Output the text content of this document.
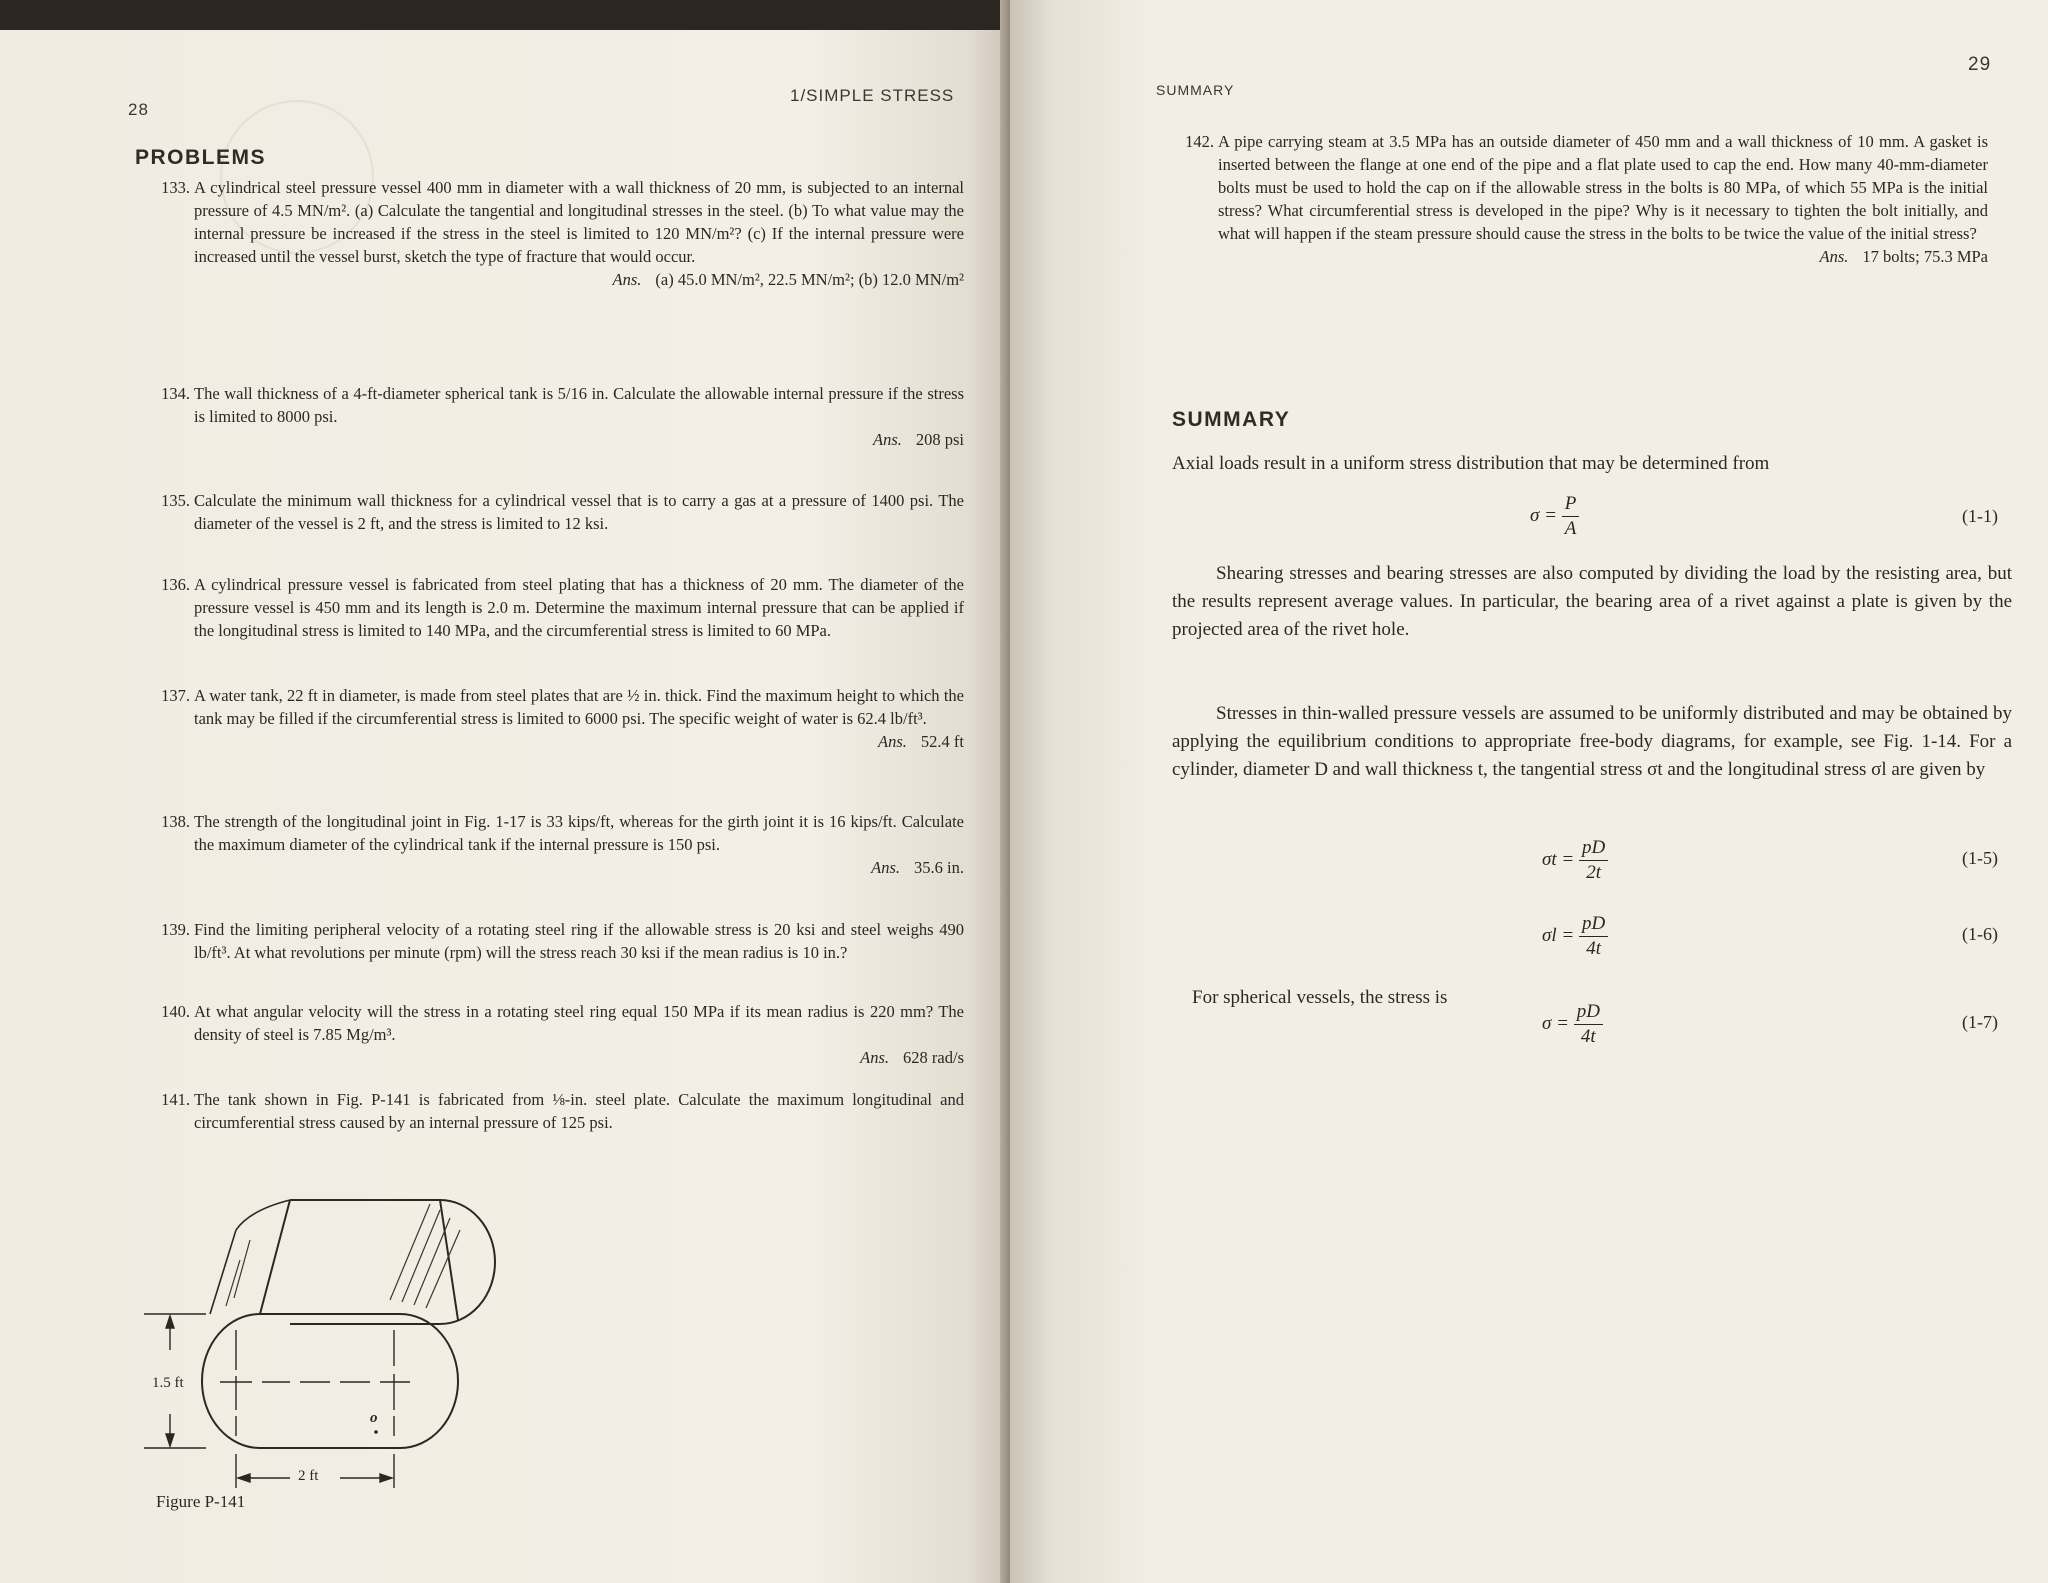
28
1/SIMPLE STRESS
PROBLEMS
133. A cylindrical steel pressure vessel 400 mm in diameter with a wall thickness of 20 mm, is subjected to an internal pressure of 4.5 MN/m². (a) Calculate the tangential and longitudinal stresses in the steel. (b) To what value may the internal pressure be increased if the stress in the steel is limited to 120 MN/m²? (c) If the internal pressure were increased until the vessel burst, sketch the type of fracture that would occur.
Ans. (a) 45.0 MN/m², 22.5 MN/m²; (b) 12.0 MN/m²
134. The wall thickness of a 4-ft-diameter spherical tank is 5/16 in. Calculate the allowable internal pressure if the stress is limited to 8000 psi.
Ans. 208 psi
135. Calculate the minimum wall thickness for a cylindrical vessel that is to carry a gas at a pressure of 1400 psi. The diameter of the vessel is 2 ft, and the stress is limited to 12 ksi.
136. A cylindrical pressure vessel is fabricated from steel plating that has a thickness of 20 mm. The diameter of the pressure vessel is 450 mm and its length is 2.0 m. Determine the maximum internal pressure that can be applied if the longitudinal stress is limited to 140 MPa, and the circumferential stress is limited to 60 MPa.
137. A water tank, 22 ft in diameter, is made from steel plates that are ½ in. thick. Find the maximum height to which the tank may be filled if the circumferential stress is limited to 6000 psi. The specific weight of water is 62.4 lb/ft³.
Ans. 52.4 ft
138. The strength of the longitudinal joint in Fig. 1-17 is 33 kips/ft, whereas for the girth joint it is 16 kips/ft. Calculate the maximum diameter of the cylindrical tank if the internal pressure is 150 psi.
Ans. 35.6 in.
139. Find the limiting peripheral velocity of a rotating steel ring if the allowable stress is 20 ksi and steel weighs 490 lb/ft³. At what revolutions per minute (rpm) will the stress reach 30 ksi if the mean radius is 10 in.?
140. At what angular velocity will the stress in a rotating steel ring equal 150 MPa if its mean radius is 220 mm? The density of steel is 7.85 Mg/m³.
Ans. 628 rad/s
141. The tank shown in Fig. P-141 is fabricated from ⅛-in. steel plate. Calculate the maximum longitudinal and circumferential stress caused by an internal pressure of 125 psi.
1.5 ft
2 ft
o
Figure P-141
29
SUMMARY
142. A pipe carrying steam at 3.5 MPa has an outside diameter of 450 mm and a wall thickness of 10 mm. A gasket is inserted between the flange at one end of the pipe and a flat plate used to cap the end. How many 40-mm-diameter bolts must be used to hold the cap on if the allowable stress in the bolts is 80 MPa, of which 55 MPa is the initial stress? What circumferential stress is developed in the pipe? Why is it necessary to tighten the bolt initially, and what will happen if the steam pressure should cause the stress in the bolts to be twice the value of the initial stress?
Ans. 17 bolts; 75.3 MPa
SUMMARY
Axial loads result in a uniform stress distribution that may be determined from
$\sigma = \frac{P}{A}$	(1-1)
Shearing stresses and bearing stresses are also computed by dividing the load by the resisting area, but the results represent average values. In particular, the bearing area of a rivet against a plate is given by the projected area of the rivet hole.
Stresses in thin-walled pressure vessels are assumed to be uniformly distributed and may be obtained by applying the equilibrium conditions to appropriate free-body diagrams, for example, see Fig. 1-14. For a cylinder, diameter D and wall thickness t, the tangential stress σt and the longitudinal stress σl are given by
$\sigma t = \frac{pD}{2t}$	(1-5)
$\sigma l = \frac{pD}{4t}$	(1-6)
For spherical vessels, the stress is
$\sigma = \frac{pD}{4t}$	(1-7)
